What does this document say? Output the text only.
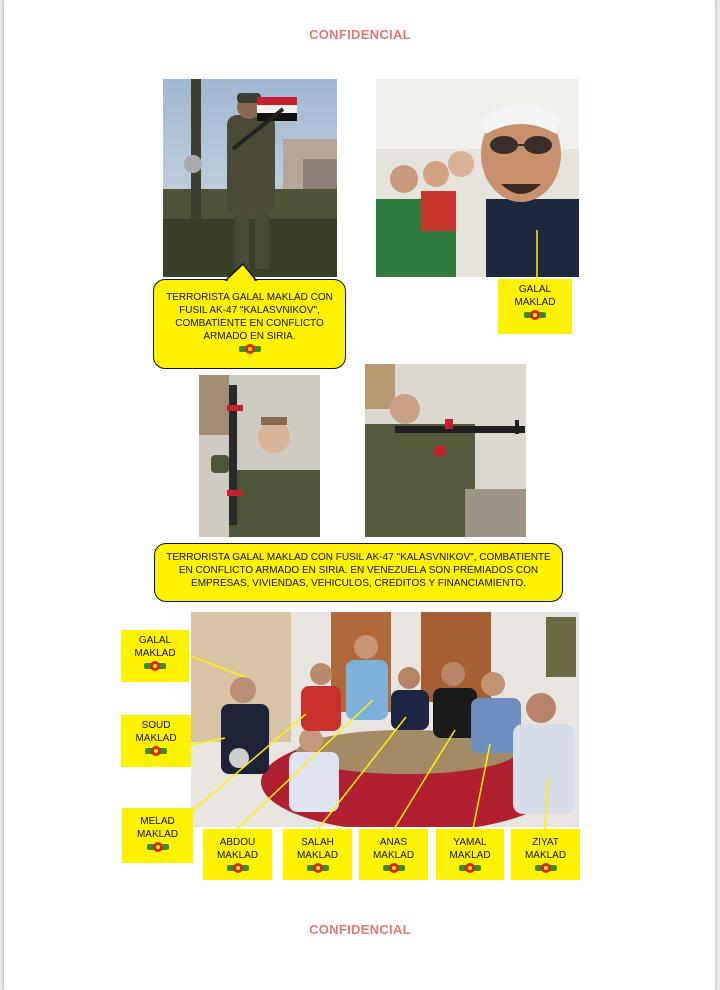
CONFIDENCIAL
TERRORISTA GALAL MAKLAD CON
FUSIL AK-47 "KALASVNIKOV",
COMBATIENTE EN CONFLICTO
ARMADO EN SIRIA.
GALAL
MAKLAD
TERRORISTA GALAL MAKLAD CON FUSIL AK-47 "KALASVNIKOV", COMBATIENTE
EN CONFLICTO ARMADO EN SIRIA. EN VENEZUELA SON PREMIADOS CON
EMPRESAS, VIVIENDAS, VEHICULOS, CREDITOS Y FINANCIAMIENTO.
GALAL
MAKLAD
SOUD
MAKLAD
MELAD
MAKLAD
ABDOU
MAKLAD
SALAH
MAKLAD
ANAS
MAKLAD
YAMAL
MAKLAD
ZIYAT
MAKLAD
CONFIDENCIAL
